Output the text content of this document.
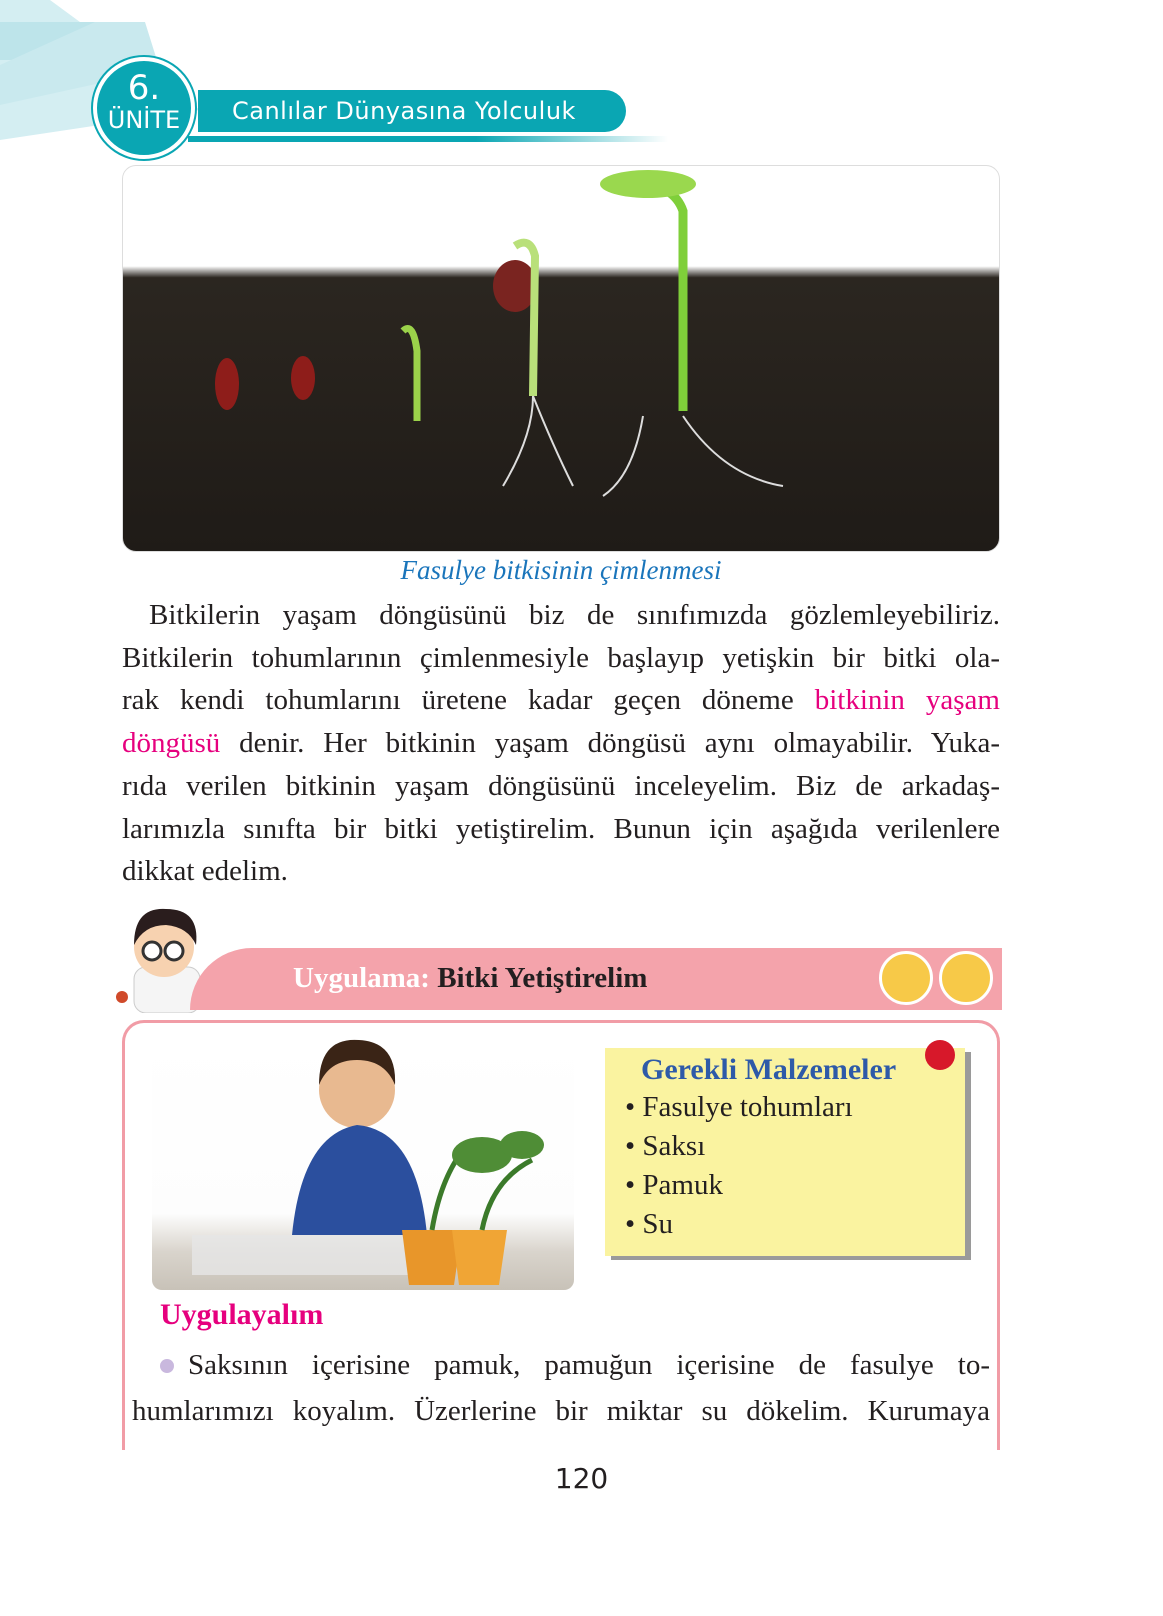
6.
ÜNİTE	Canlılar Dünyasına Yolculuk
Fasulye bitkisinin çimlenmesi
Bitkilerin yaşam döngüsünü biz de sınıfımızda gözlemleyebiliriz.
Bitkilerin tohumlarının çimlenmesiyle başlayıp yetişkin bir bitki ola-
rak kendi tohumlarını üretene kadar geçen döneme bitkinin yaşam
döngüsü denir. Her bitkinin yaşam döngüsü aynı olmayabilir. Yuka-
rıda verilen bitkinin yaşam döngüsünü inceleyelim. Biz de arkadaş-
larımızla sınıfta bir bitki yetiştirelim. Bunun için aşağıda verilenlere
dikkat edelim.
Uygulama: Bitki Yetiştirelim
Gerekli Malzemeler
• Fasulye tohumları
• Saksı
• Pamuk
• Su
Uygulayalım
Saksının içerisine pamuk, pamuğun içerisine de fasulye to-
humlarımızı koyalım. Üzerlerine bir miktar su dökelim. Kurumaya
120
